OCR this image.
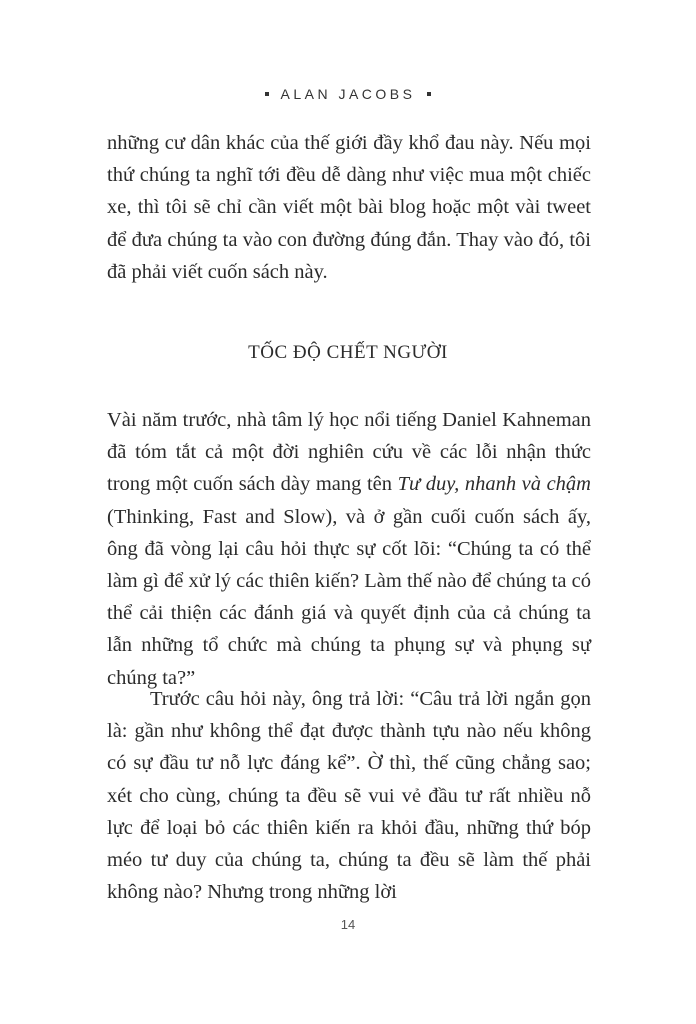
ALAN JACOBS

những cư dân khác của thế giới đầy khổ đau này. Nếu mọi thứ chúng ta nghĩ tới đều dễ dàng như việc mua một chiếc xe, thì tôi sẽ chỉ cần viết một bài blog hoặc một vài tweet để đưa chúng ta vào con đường đúng đắn. Thay vào đó, tôi đã phải viết cuốn sách này.

TỐC ĐỘ CHẾT NGƯỜI

Vài năm trước, nhà tâm lý học nổi tiếng Daniel Kahneman đã tóm tắt cả một đời nghiên cứu về các lỗi nhận thức trong một cuốn sách dày mang tên Tư duy, nhanh và chậm (Thinking, Fast and Slow), và ở gần cuối cuốn sách ấy, ông đã vòng lại câu hỏi thực sự cốt lõi: “Chúng ta có thể làm gì để xử lý các thiên kiến? Làm thế nào để chúng ta có thể cải thiện các đánh giá và quyết định của cả chúng ta lẫn những tổ chức mà chúng ta phụng sự và phụng sự chúng ta?”

Trước câu hỏi này, ông trả lời: “Câu trả lời ngắn gọn là: gần như không thể đạt được thành tựu nào nếu không có sự đầu tư nỗ lực đáng kể”. Ờ thì, thế cũng chẳng sao; xét cho cùng, chúng ta đều sẽ vui vẻ đầu tư rất nhiều nỗ lực để loại bỏ các thiên kiến ra khỏi đầu, những thứ bóp méo tư duy của chúng ta, chúng ta đều sẽ làm thế phải không nào? Nhưng trong những lời

14
